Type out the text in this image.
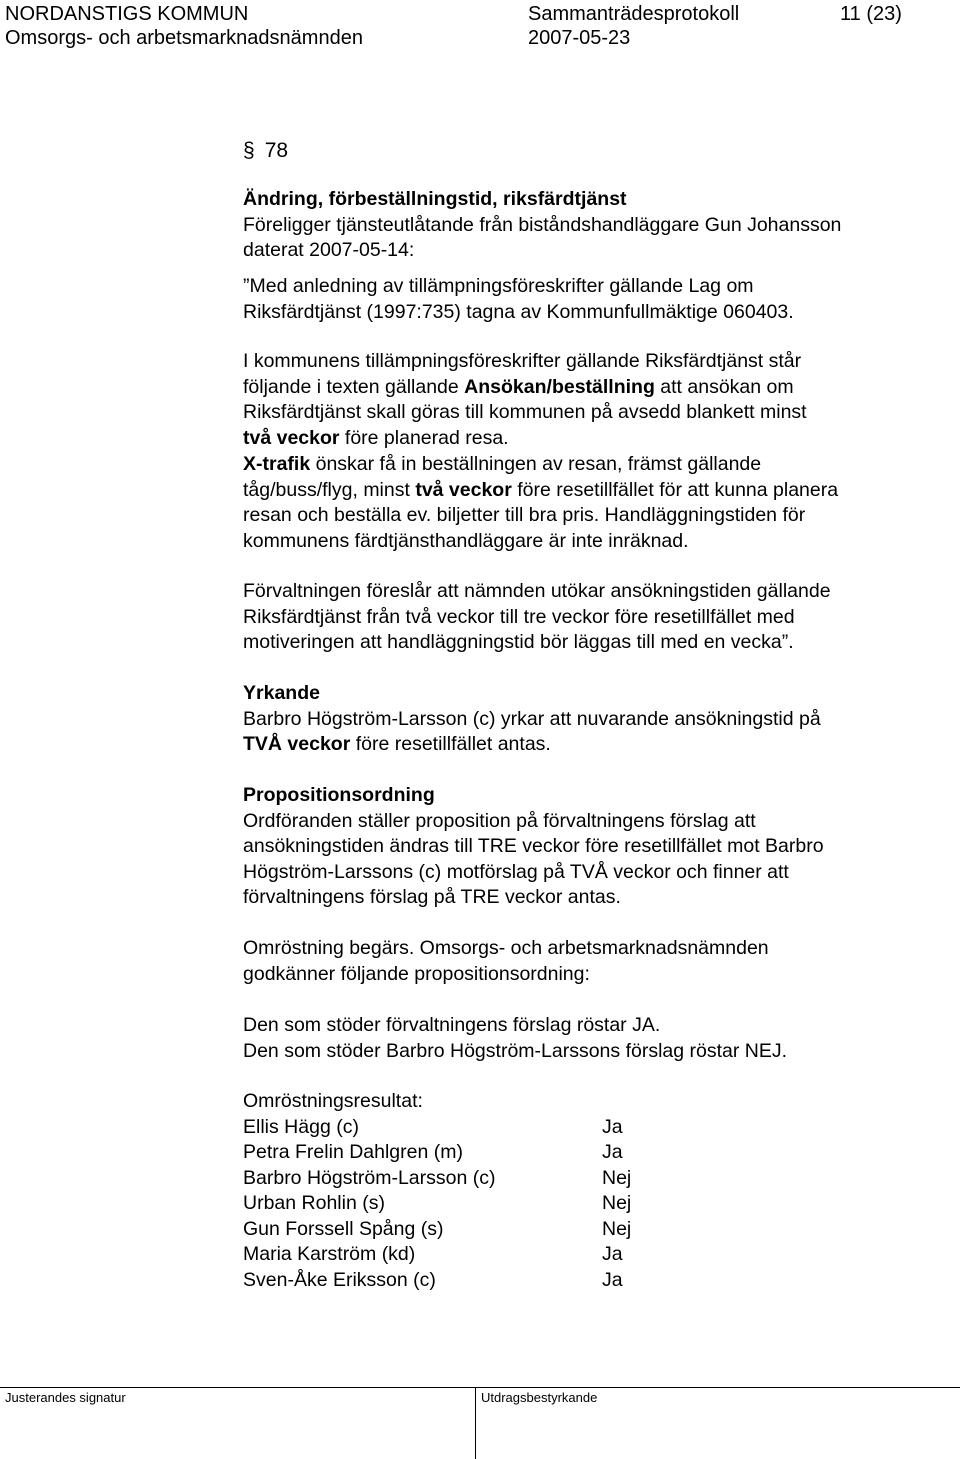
NORDANSTIGS KOMMUN	Sammanträdesprotokoll	11 (23)
Omsorgs- och arbetsmarknadsnämnden	2007-05-23
§ 78
Ändring, förbeställningstid, riksfärdtjänst
Föreligger tjänsteutlåtande från biståndshandläggare Gun Johansson
daterat 2007-05-14:
”Med anledning av tillämpningsföreskrifter gällande Lag om
Riksfärdtjänst (1997:735) tagna av Kommunfullmäktige 060403.
I kommunens tillämpningsföreskrifter gällande Riksfärdtjänst står
följande i texten gällande Ansökan/beställning att ansökan om
Riksfärdtjänst skall göras till kommunen på avsedd blankett minst
två veckor före planerad resa.
X-trafik önskar få in beställningen av resan, främst gällande
tåg/buss/flyg, minst två veckor före resetillfället för att kunna planera
resan och beställa ev. biljetter till bra pris. Handläggningstiden för
kommunens färdtjänsthandläggare är inte inräknad.
Förvaltningen föreslår att nämnden utökar ansökningstiden gällande
Riksfärdtjänst från två veckor till tre veckor före resetillfället med
motiveringen att handläggningstid bör läggas till med en vecka”.
Yrkande
Barbro Högström-Larsson (c) yrkar att nuvarande ansökningstid på
TVÅ veckor före resetillfället antas.
Propositionsordning
Ordföranden ställer proposition på förvaltningens förslag att
ansökningstiden ändras till TRE veckor före resetillfället mot Barbro
Högström-Larssons (c) motförslag på TVÅ veckor och finner att
förvaltningens förslag på TRE veckor antas.
Omröstning begärs. Omsorgs- och arbetsmarknadsnämnden
godkänner följande propositionsordning:
Den som stöder förvaltningens förslag röstar JA.
Den som stöder Barbro Högström-Larssons förslag röstar NEJ.
Omröstningsresultat:
Ellis Hägg (c)	Ja
Petra Frelin Dahlgren (m)	Ja
Barbro Högström-Larsson (c)	Nej
Urban Rohlin (s)	Nej
Gun Forssell Spång (s)	Nej
Maria Karström (kd)	Ja
Sven-Åke Eriksson (c)	Ja
Justerandes signatur	Utdragsbestyrkande
